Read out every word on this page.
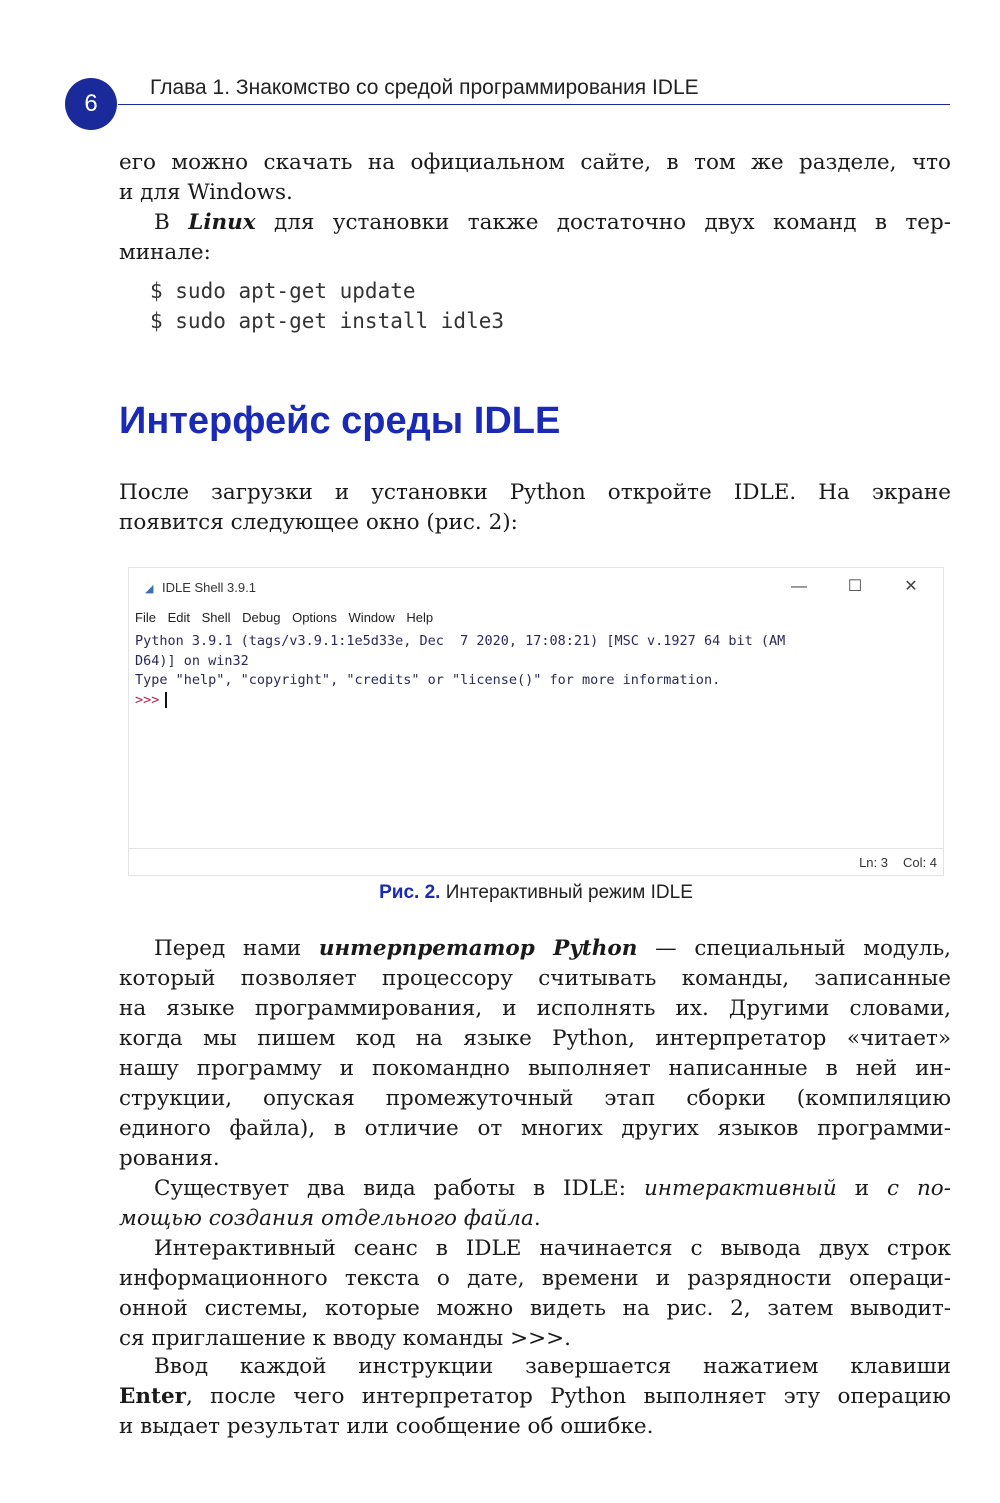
6
Глава 1. Знакомство со средой программирования IDLE
его можно скачать на официальном сайте, в том же разделе, что
и для Windows.
В Linux для установки также достаточно двух команд в тер-
минале:
$ sudo apt-get update
$ sudo apt-get install idle3
Интерфейс среды IDLE
После загрузки и установки Python откройте IDLE. На экране
появится следующее окно (рис. 2):
◢ IDLE Shell 3.9.1	—	☐	✕
File Edit Shell Debug Options Window Help
Python 3.9.1 (tags/v3.9.1:1e5d33e, Dec  7 2020, 17:08:21) [MSC v.1927 64 bit (AM
D64)] on win32
Type "help", "copyright", "credits" or "license()" for more information.
>>>
Ln: 3 Col: 4
Рис. 2. Интерактивный режим IDLE
Перед нами интерпретатор Python — специальный модуль,
который позволяет процессору считывать команды, записанные
на языке программирования, и исполнять их. Другими словами,
когда мы пишем код на языке Python, интерпретатор «читает»
нашу программу и покомандно выполняет написанные в ней ин-
струкции, опуская промежуточный этап сборки (компиляцию
единого файла), в отличие от многих других языков программи-
рования.
Существует два вида работы в IDLE: интерактивный и с по-
мощью создания отдельного файла.
Интерактивный сеанс в IDLE начинается с вывода двух строк
информационного текста о дате, времени и разрядности операци-
онной системы, которые можно видеть на рис. 2, затем выводит-
ся приглашение к вводу команды >>>.
Ввод каждой инструкции завершается нажатием клавиши
Enter, после чего интерпретатор Python выполняет эту операцию
и выдает результат или сообщение об ошибке.
